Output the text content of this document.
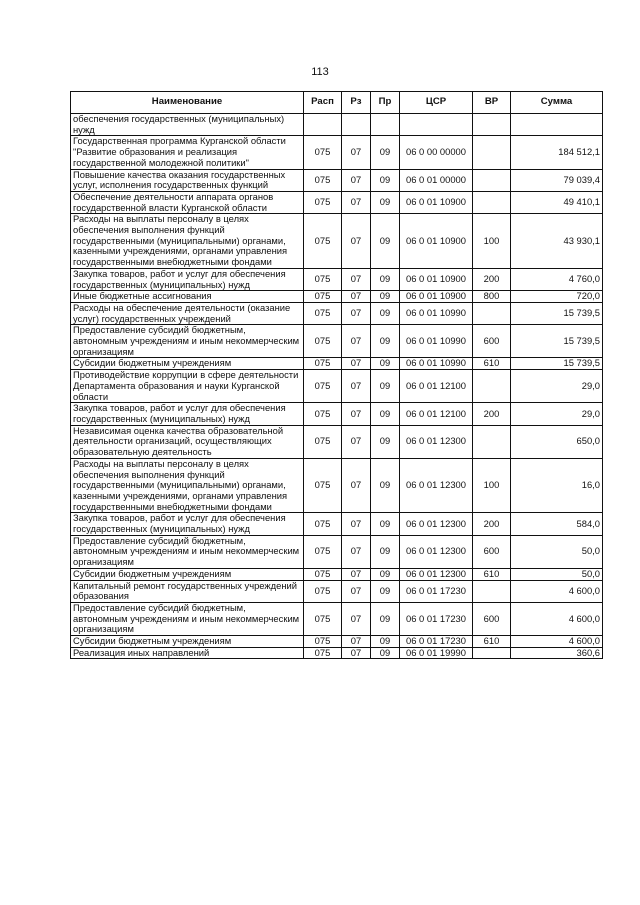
113
Наименование	Расп	Рз	Пр	ЦСР	ВР	Сумма
обеспечения государственных (муниципальных) нужд						
Государственная программа Курганской области "Развитие образования и реализация государственной молодежной политики"	075	07	09	06 0 00 00000		184 512,1
Повышение качества оказания государственных услуг, исполнения государственных функций	075	07	09	06 0 01 00000		79 039,4
Обеспечение деятельности аппарата органов государственной власти Курганской области	075	07	09	06 0 01 10900		49 410,1
Расходы на выплаты персоналу в целях обеспечения выполнения функций государственными (муниципальными) органами, казенными учреждениями, органами управления государственными внебюджетными фондами	075	07	09	06 0 01 10900	100	43 930,1
Закупка товаров, работ и услуг для обеспечения государственных (муниципальных) нужд	075	07	09	06 0 01 10900	200	4 760,0
Иные бюджетные ассигнования	075	07	09	06 0 01 10900	800	720,0
Расходы на обеспечение деятельности (оказание услуг) государственных учреждений	075	07	09	06 0 01 10990		15 739,5
Предоставление субсидий бюджетным, автономным учреждениям и иным некоммерческим организациям	075	07	09	06 0 01 10990	600	15 739,5
Субсидии бюджетным учреждениям	075	07	09	06 0 01 10990	610	15 739,5
Противодействие коррупции в сфере деятельности Департамента образования и науки Курганской области	075	07	09	06 0 01 12100		29,0
Закупка товаров, работ и услуг для обеспечения государственных (муниципальных) нужд	075	07	09	06 0 01 12100	200	29,0
Независимая оценка качества образовательной деятельности организаций, осуществляющих образовательную деятельность	075	07	09	06 0 01 12300		650,0
Расходы на выплаты персоналу в целях обеспечения выполнения функций государственными (муниципальными) органами, казенными учреждениями, органами управления государственными внебюджетными фондами	075	07	09	06 0 01 12300	100	16,0
Закупка товаров, работ и услуг для обеспечения государственных (муниципальных) нужд	075	07	09	06 0 01 12300	200	584,0
Предоставление субсидий бюджетным, автономным учреждениям и иным некоммерческим организациям	075	07	09	06 0 01 12300	600	50,0
Субсидии бюджетным учреждениям	075	07	09	06 0 01 12300	610	50,0
Капитальный ремонт государственных учреждений образования	075	07	09	06 0 01 17230		4 600,0
Предоставление субсидий бюджетным, автономным учреждениям и иным некоммерческим организациям	075	07	09	06 0 01 17230	600	4 600,0
Субсидии бюджетным учреждениям	075	07	09	06 0 01 17230	610	4 600,0
Реализация иных направлений	075	07	09	06 0 01 19990		360,6
